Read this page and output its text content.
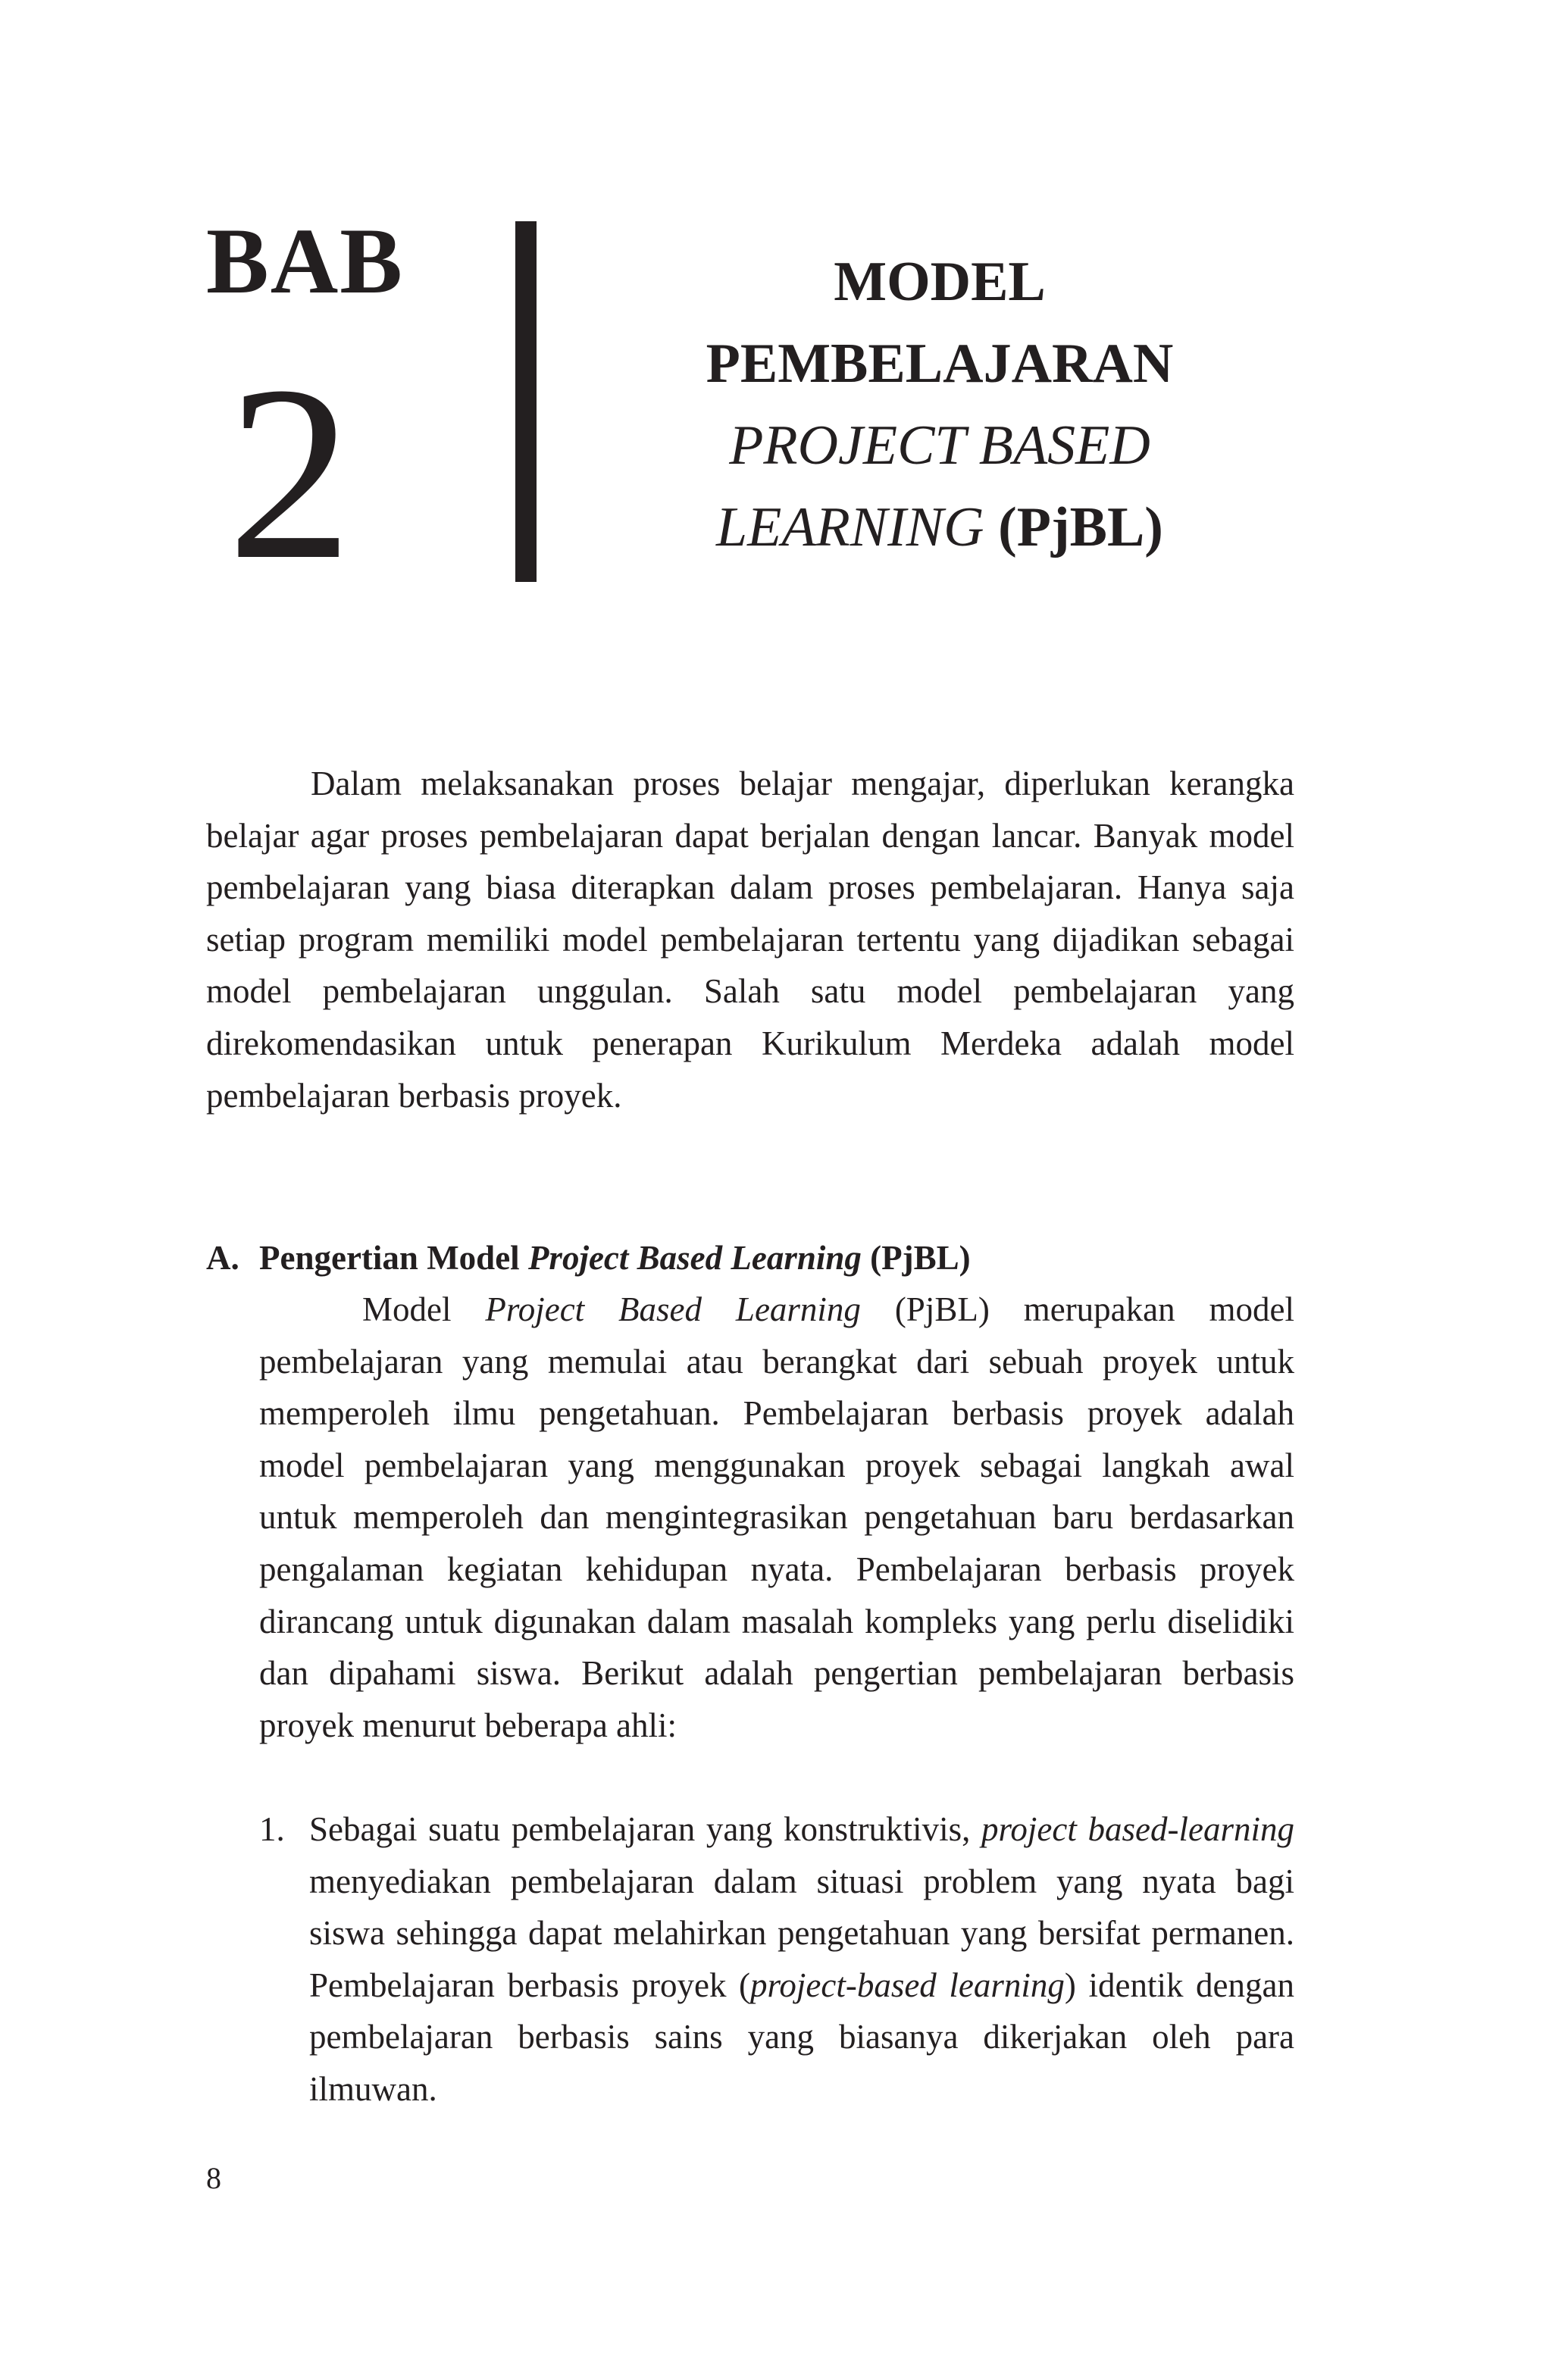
BAB
2
MODEL
PEMBELAJARAN
PROJECT BASED
LEARNING (PjBL)

Dalam melaksanakan proses belajar mengajar, diperlukan kerangka belajar agar proses pembelajaran dapat berjalan dengan lancar. Banyak model pembelajaran yang biasa diterapkan dalam proses pembelajaran. Hanya saja setiap program memiliki model pembelajaran tertentu yang dijadikan sebagai model pembelajaran unggulan. Salah satu model pembelajaran yang direkomendasikan untuk penerapan Kurikulum Merdeka adalah model pembelajaran berbasis proyek.

A. Pengertian Model Project Based Learning (PjBL)

Model Project Based Learning (PjBL) merupakan model pembelajaran yang memulai atau berangkat dari sebuah proyek untuk memperoleh ilmu pengetahuan. Pembelajaran berbasis proyek adalah model pembelajaran yang menggunakan proyek sebagai langkah awal untuk memperoleh dan mengintegrasikan pengetahuan baru berdasarkan pengalaman kegiatan kehidupan nyata. Pembelajaran berbasis proyek dirancang untuk digunakan dalam masalah kompleks yang perlu diselidiki dan dipahami siswa. Berikut adalah pengertian pembelajaran berbasis proyek menurut beberapa ahli:

1. Sebagai suatu pembelajaran yang konstruktivis, project based-learning menyediakan pembelajaran dalam situasi problem yang nyata bagi siswa sehingga dapat melahirkan pengetahuan yang bersifat permanen. Pembelajaran berbasis proyek (project-based learning) identik dengan pembelajaran berbasis sains yang biasanya dikerjakan oleh para ilmuwan.
8
